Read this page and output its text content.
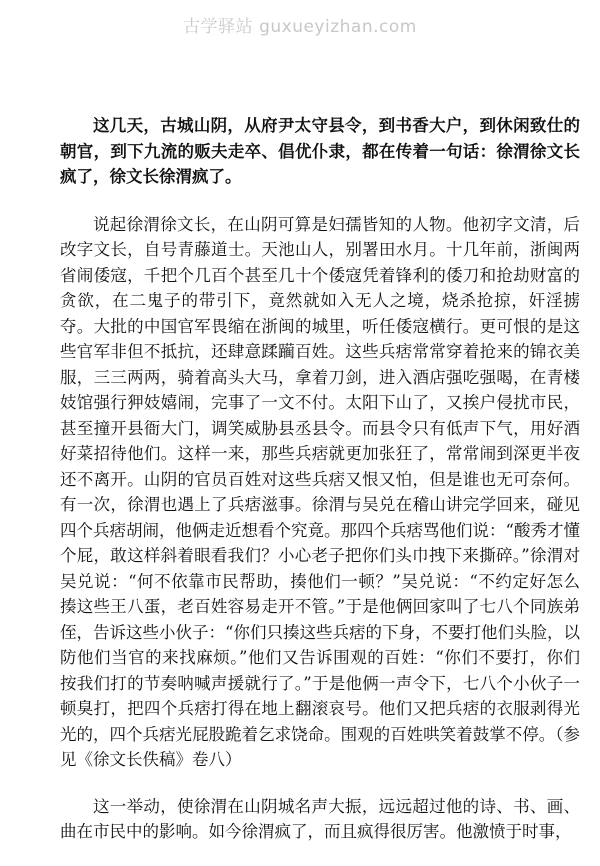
古学驿站 guxueyizhan.com

这几天，古城山阴，从府尹太守县令，到书香大户，到休闲致仕的朝官，到下九流的贩夫走卒、倡优仆隶，都在传着一句话：徐渭徐文长疯了，徐文长徐渭疯了。

说起徐渭徐文长，在山阴可算是妇孺皆知的人物。他初字文清，后改字文长，自号青藤道士。天池山人，别署田水月。十几年前，浙闽两省闹倭寇，千把个几百个甚至几十个倭寇凭着锋利的倭刀和抢劫财富的贪欲，在二鬼子的带引下，竟然就如入无人之境，烧杀抢掠，奸淫掳夺。大批的中国官军畏缩在浙闽的城里，听任倭寇横行。更可恨的是这些官军非但不抵抗，还肆意蹂躏百姓。这些兵痞常常穿着抢来的锦衣美服，三三两两，骑着高头大马，拿着刀剑，进入酒店强吃强喝，在青楼妓馆强行狎妓嬉闹，完事了一文不付。太阳下山了，又挨户侵扰市民，甚至撞开县衙大门，调笑威胁县丞县令。而县令只有低声下气，用好酒好菜招待他们。这样一来，那些兵痞就更加张狂了，常常闹到深更半夜还不离开。山阴的官员百姓对这些兵痞又恨又怕，但是谁也无可奈何。有一次，徐渭也遇上了兵痞滋事。徐渭与吴兑在稽山讲完学回来，碰见四个兵痞胡闹，他俩走近想看个究竟。那四个兵痞骂他们说：“酸秀才懂个屁，敢这样斜着眼看我们？小心老子把你们头巾拽下来撕碎。”徐渭对吴兑说：“何不依靠市民帮助，揍他们一顿？”吴兑说：“不约定好怎么揍这些王八蛋，老百姓容易走开不管。”于是他俩回家叫了七八个同族弟侄，告诉这些小伙子：“你们只揍这些兵痞的下身，不要打他们头脸，以防他们当官的来找麻烦。”他们又告诉围观的百姓：“你们不要打，你们按我们打的节奏呐喊声援就行了。”于是他俩一声令下，七八个小伙子一顿臭打，把四个兵痞打得在地上翻滚哀号。他们又把兵痞的衣服剥得光光的，四个兵痞光屁股跪着乞求饶命。围观的百姓哄笑着鼓掌不停。（参见《徐文长佚稿》卷八）

这一举动，使徐渭在山阴城名声大振，远远超过他的诗、书、画、曲在市民中的影响。如今徐渭疯了，而且疯得很厉害。他激愤于时事，
